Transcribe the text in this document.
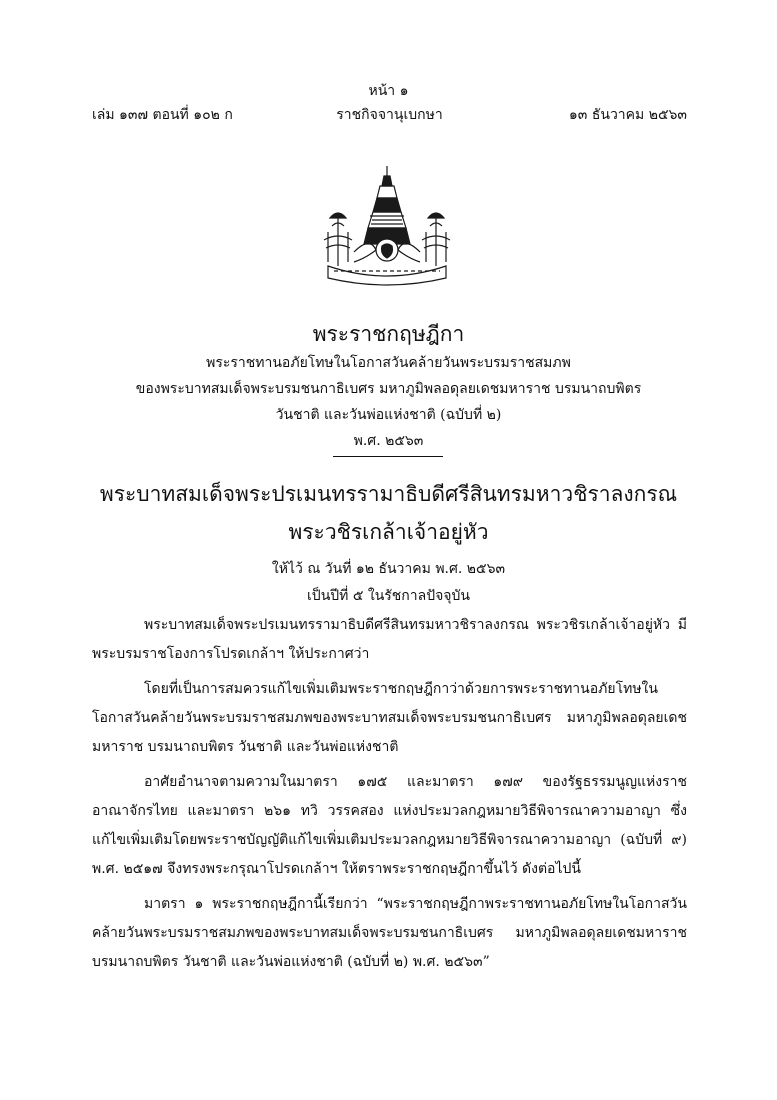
หน้า ๑
เล่ม ๑๓๗ ตอนที่ ๑๐๒ ก	ราชกิจจานุเบกษา	๑๓ ธันวาคม ๒๕๖๓
พระราชกฤษฎีกา
พระราชทานอภัยโทษในโอกาสวันคล้ายวันพระบรมราชสมภพ
ของพระบาทสมเด็จพระบรมชนกาธิเบศร มหาภูมิพลอดุลยเดชมหาราช บรมนาถบพิตร
วันชาติ และวันพ่อแห่งชาติ (ฉบับที่ ๒)
พ.ศ. ๒๕๖๓
พระบาทสมเด็จพระปรเมนทรรามาธิบดีศรีสินทรมหาวชิราลงกรณ
พระวชิรเกล้าเจ้าอยู่หัว
ให้ไว้ ณ วันที่ ๑๒ ธันวาคม พ.ศ. ๒๕๖๓
เป็นปีที่ ๕ ในรัชกาลปัจจุบัน

พระบาทสมเด็จพระปรเมนทรรามาธิบดีศรีสินทรมหาวชิราลงกรณ พระวชิรเกล้าเจ้าอยู่หัว มีพระบรมราชโองการโปรดเกล้าฯ ให้ประกาศว่า

โดยที่เป็นการสมควรแก้ไขเพิ่มเติมพระราชกฤษฎีกาว่าด้วยการพระราชทานอภัยโทษในโอกาสวันคล้ายวันพระบรมราชสมภพของพระบาทสมเด็จพระบรมชนกาธิเบศร มหาภูมิพลอดุลยเดชมหาราช บรมนาถบพิตร วันชาติ และวันพ่อแห่งชาติ

อาศัยอำนาจตามความในมาตรา ๑๗๕ และมาตรา ๑๗๙ ของรัฐธรรมนูญแห่งราชอาณาจักรไทย และมาตรา ๒๖๑ ทวิ วรรคสอง แห่งประมวลกฎหมายวิธีพิจารณาความอาญา ซึ่งแก้ไขเพิ่มเติมโดยพระราชบัญญัติแก้ไขเพิ่มเติมประมวลกฎหมายวิธีพิจารณาความอาญา (ฉบับที่ ๙) พ.ศ. ๒๕๑๗ จึงทรงพระกรุณาโปรดเกล้าฯ ให้ตราพระราชกฤษฎีกาขึ้นไว้ ดังต่อไปนี้

มาตรา ๑ พระราชกฤษฎีกานี้เรียกว่า “พระราชกฤษฎีกาพระราชทานอภัยโทษในโอกาสวันคล้ายวันพระบรมราชสมภพของพระบาทสมเด็จพระบรมชนกาธิเบศร มหาภูมิพลอดุลยเดชมหาราช บรมนาถบพิตร วันชาติ และวันพ่อแห่งชาติ (ฉบับที่ ๒) พ.ศ. ๒๕๖๓”
